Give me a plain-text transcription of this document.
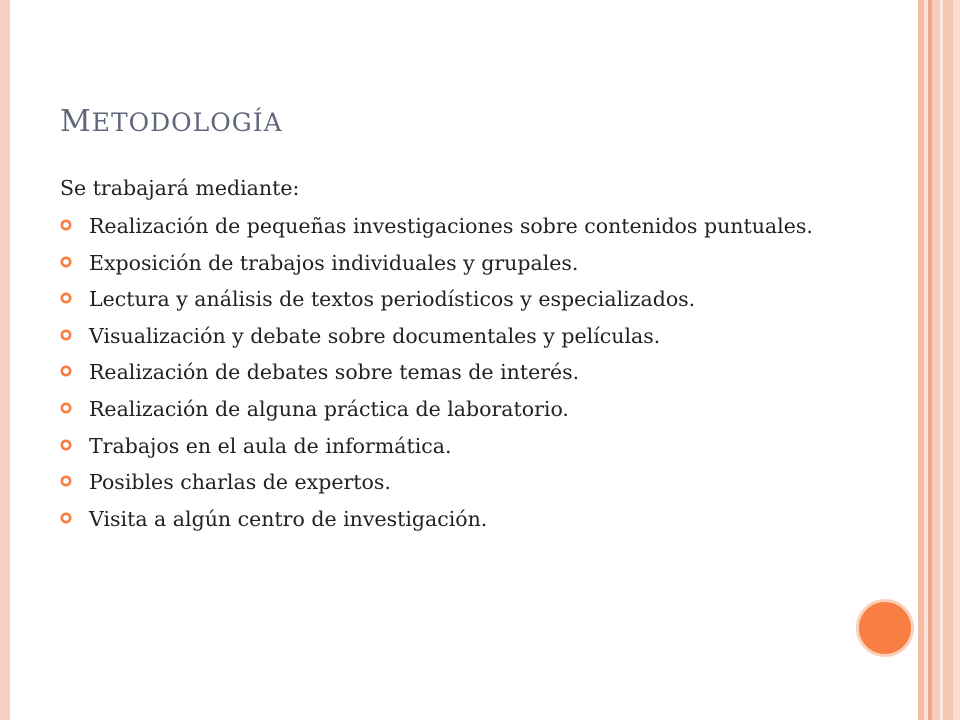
METODOLOGÍA

Se trabajará mediante:

Realización de pequeñas investigaciones sobre contenidos puntuales.
Exposición de trabajos individuales y grupales.
Lectura y análisis de textos periodísticos y especializados.
Visualización y debate sobre documentales y películas.
Realización de debates sobre temas de interés.
Realización de alguna práctica de laboratorio.
Trabajos en el aula de informática.
Posibles charlas de expertos.
Visita a algún centro de investigación.
